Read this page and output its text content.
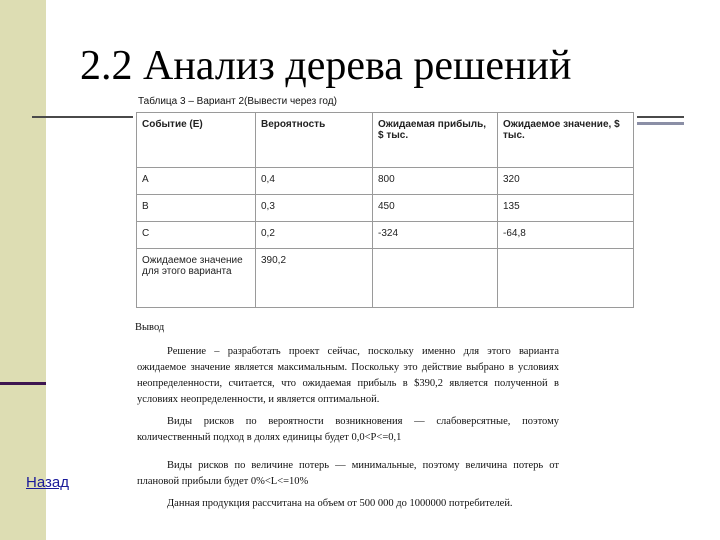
2.2 Анализ дерева решений
Таблица 3 – Вариант 2(Вывести через год)
Событие (Е)	Вероятность	Ожидаемая прибыль, $ тыс.	Ожидаемое значение, $ тыс.
А	0,4	800	320
В	0,3	450	135
С	0,2	-324	-64,8
Ожидаемое значение для этого варианта	390,2		
Вывод

Решение – разработать проект сейчас, поскольку именно для этого варианта ожидаемое значение является максимальным. Поскольку это действие выбрано в условиях неопределенности, считается, что ожидаемая прибыль в $390,2 является полученной в условиях неопределенности, и является оптимальной.

Виды рисков по вероятности возникновения — слабоверсятные, поэтому количественный подход в долях единицы будет 0,0<P<=0,1

Виды рисков по величине потерь — минимальные, поэтому величина потерь от плановой прибыли будет 0%<L<=10%

Данная продукция рассчитана на объем от 500 000 до 1000000 потребителей.

Назад
